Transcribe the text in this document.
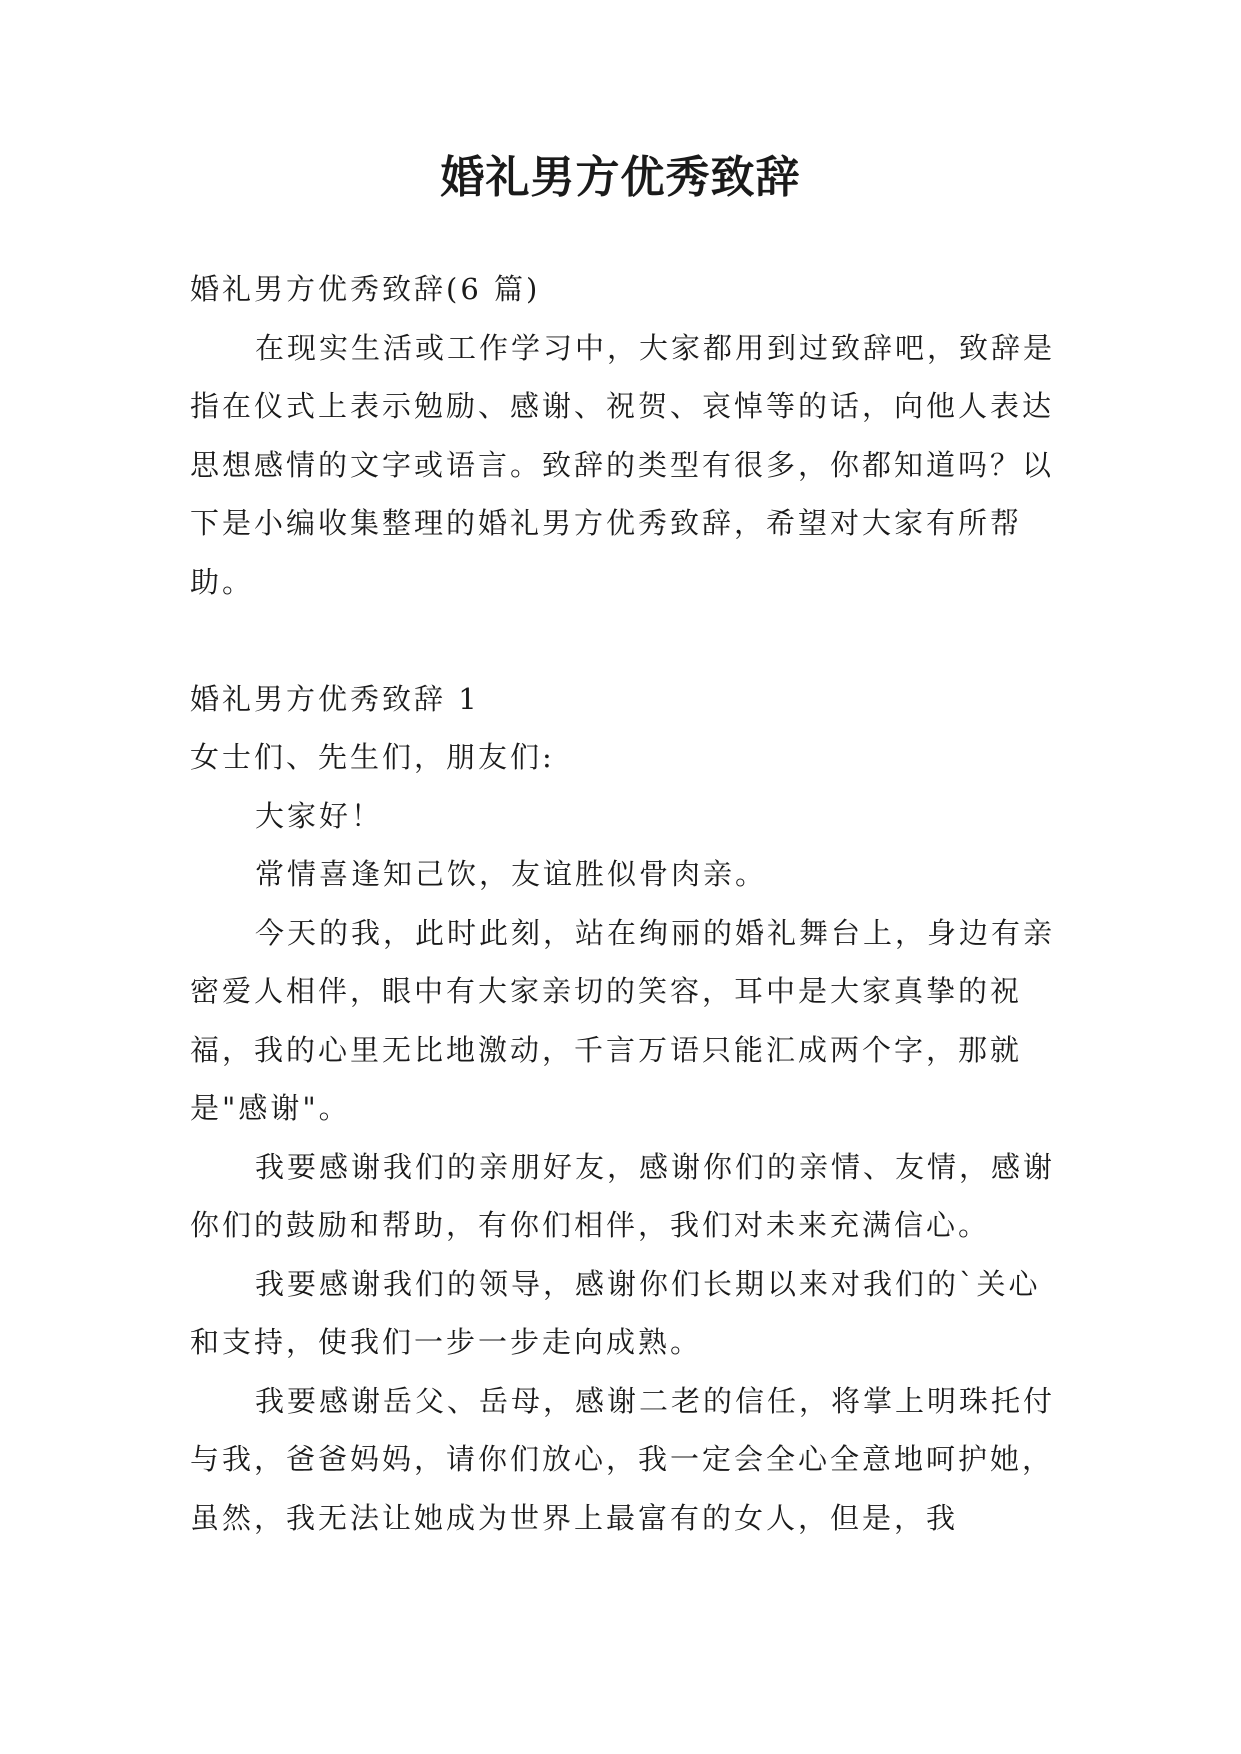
婚礼男方优秀致辞

婚礼男方优秀致辞(6 篇)

在现实生活或工作学习中，大家都用到过致辞吧，致辞是指在仪式上表示勉励、感谢、祝贺、哀悼等的话，向他人表达思想感情的文字或语言。致辞的类型有很多，你都知道吗？以下是小编收集整理的婚礼男方优秀致辞，希望对大家有所帮助。

婚礼男方优秀致辞 1

女士们、先生们，朋友们:

大家好！

常情喜逢知己饮，友谊胜似骨肉亲。

今天的我，此时此刻，站在绚丽的婚礼舞台上，身边有亲密爱人相伴，眼中有大家亲切的笑容，耳中是大家真挚的祝福，我的心里无比地激动，千言万语只能汇成两个字，那就是"感谢"。

我要感谢我们的亲朋好友，感谢你们的亲情、友情，感谢你们的鼓励和帮助，有你们相伴，我们对未来充满信心。

我要感谢我们的领导，感谢你们长期以来对我们的`关心和支持，使我们一步一步走向成熟。

我要感谢岳父、岳母，感谢二老的信任，将掌上明珠托付与我，爸爸妈妈，请你们放心，我一定会全心全意地呵护她，虽然，我无法让她成为世界上最富有的女人，但是，我
